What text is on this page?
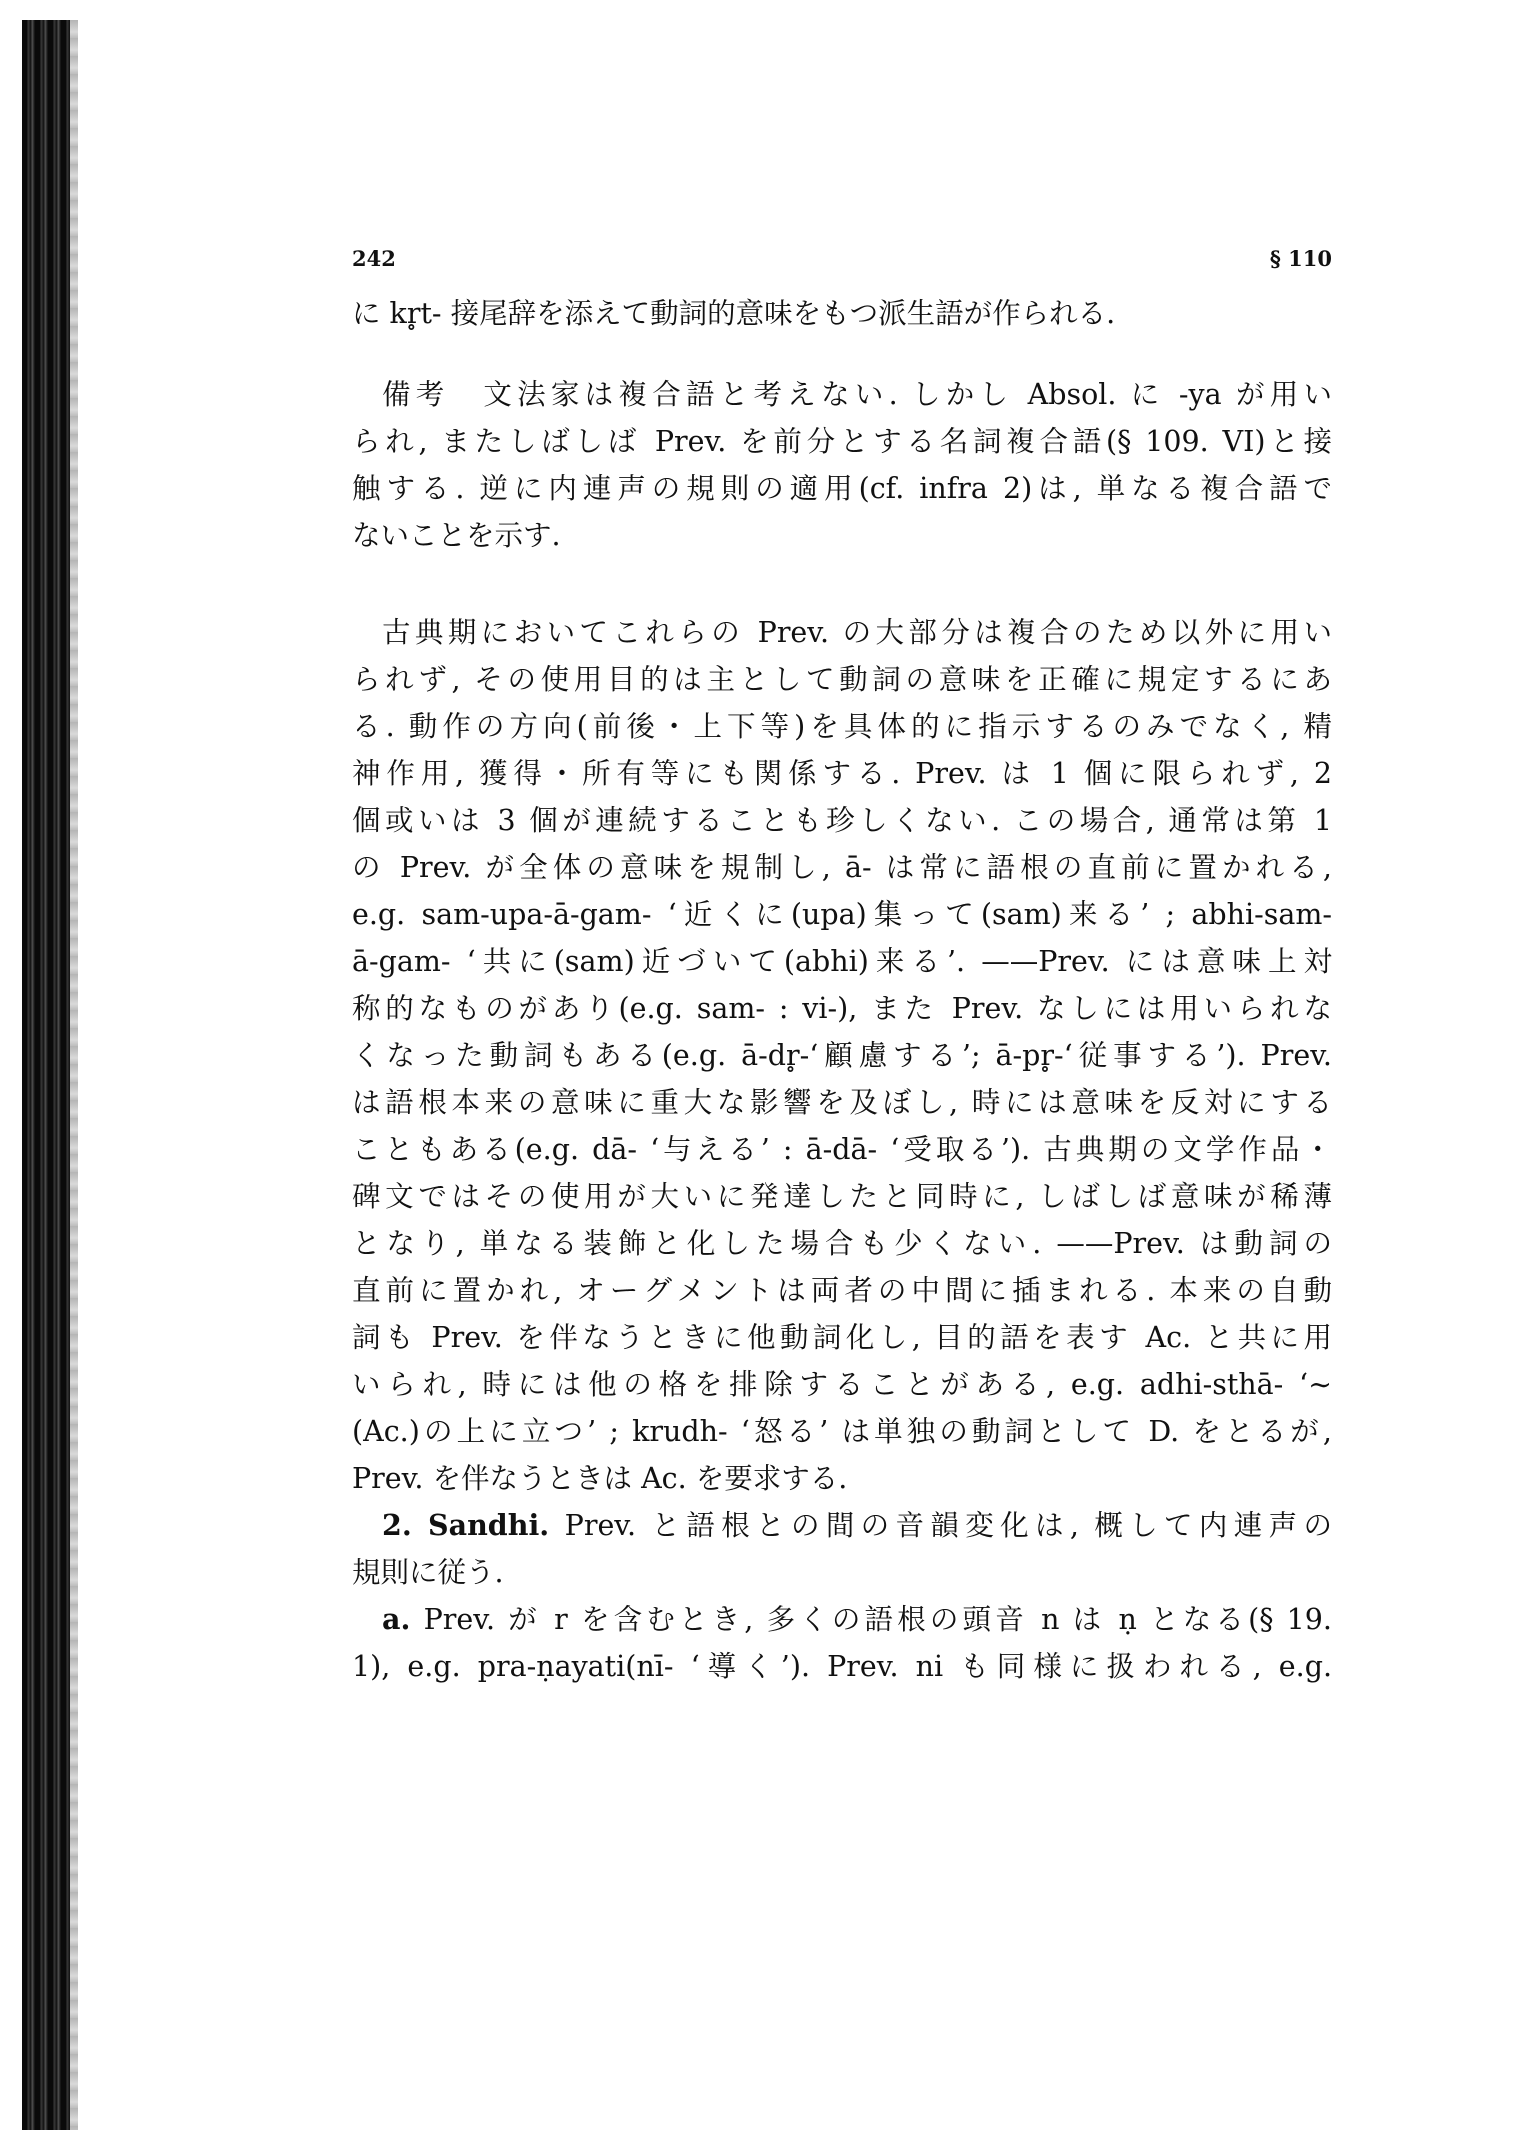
242	§ 110
に kr̥t- 接尾辞を添えて動詞的意味をもつ派生語が作られる.
備考　文法家は複合語と考えない. しかし Absol. に -ya が用い
られ, またしばしば Prev. を前分とする名詞複合語(§ 109. VI)と接
触する. 逆に内連声の規則の適用(cf. infra 2)は, 単なる複合語で
ないことを示す.
古典期においてこれらの Prev. の大部分は複合のため以外に用い
られず, その使用目的は主として動詞の意味を正確に規定するにあ
る. 動作の方向(前後・上下等)を具体的に指示するのみでなく, 精
神作用, 獲得・所有等にも関係する. Prev. は 1 個に限られず, 2
個或いは 3 個が連続することも珍しくない. この場合, 通常は第 1
の Prev. が全体の意味を規制し, ā- は常に語根の直前に置かれる,
e.g. sam-upa-ā-gam- ‘近くに(upa)集って(sam)来る’ ; abhi-sam-
ā-gam- ‘共に(sam)近づいて(abhi)来る’. ——Prev. には意味上対
称的なものがあり(e.g. sam- : vi-), また Prev. なしには用いられな
くなった動詞もある(e.g. ā-dr̥-‘顧慮する’; ā-pr̥-‘従事する’). Prev.
は語根本来の意味に重大な影響を及ぼし, 時には意味を反対にする
こともある(e.g. dā- ‘与える’ : ā-dā- ‘受取る’). 古典期の文学作品・
碑文ではその使用が大いに発達したと同時に, しばしば意味が稀薄
となり, 単なる装飾と化した場合も少くない. ——Prev. は動詞の
直前に置かれ, オーグメントは両者の中間に插まれる. 本来の自動
詞も Prev. を伴なうときに他動詞化し, 目的語を表す Ac. と共に用
いられ, 時には他の格を排除することがある, e.g. adhi-sthā- ‘∼
(Ac.)の上に立つ’ ; krudh- ‘怒る’ は単独の動詞として D. をとるが,
Prev. を伴なうときは Ac. を要求する.
2. Sandhi. Prev. と語根との間の音韻変化は, 概して内連声の
規則に従う.
a. Prev. が r を含むとき, 多くの語根の頭音 n は ṇ となる(§ 19.
1), e.g. pra-ṇayati(nī- ‘導く’). Prev. ni も同様に扱われる, e.g.
